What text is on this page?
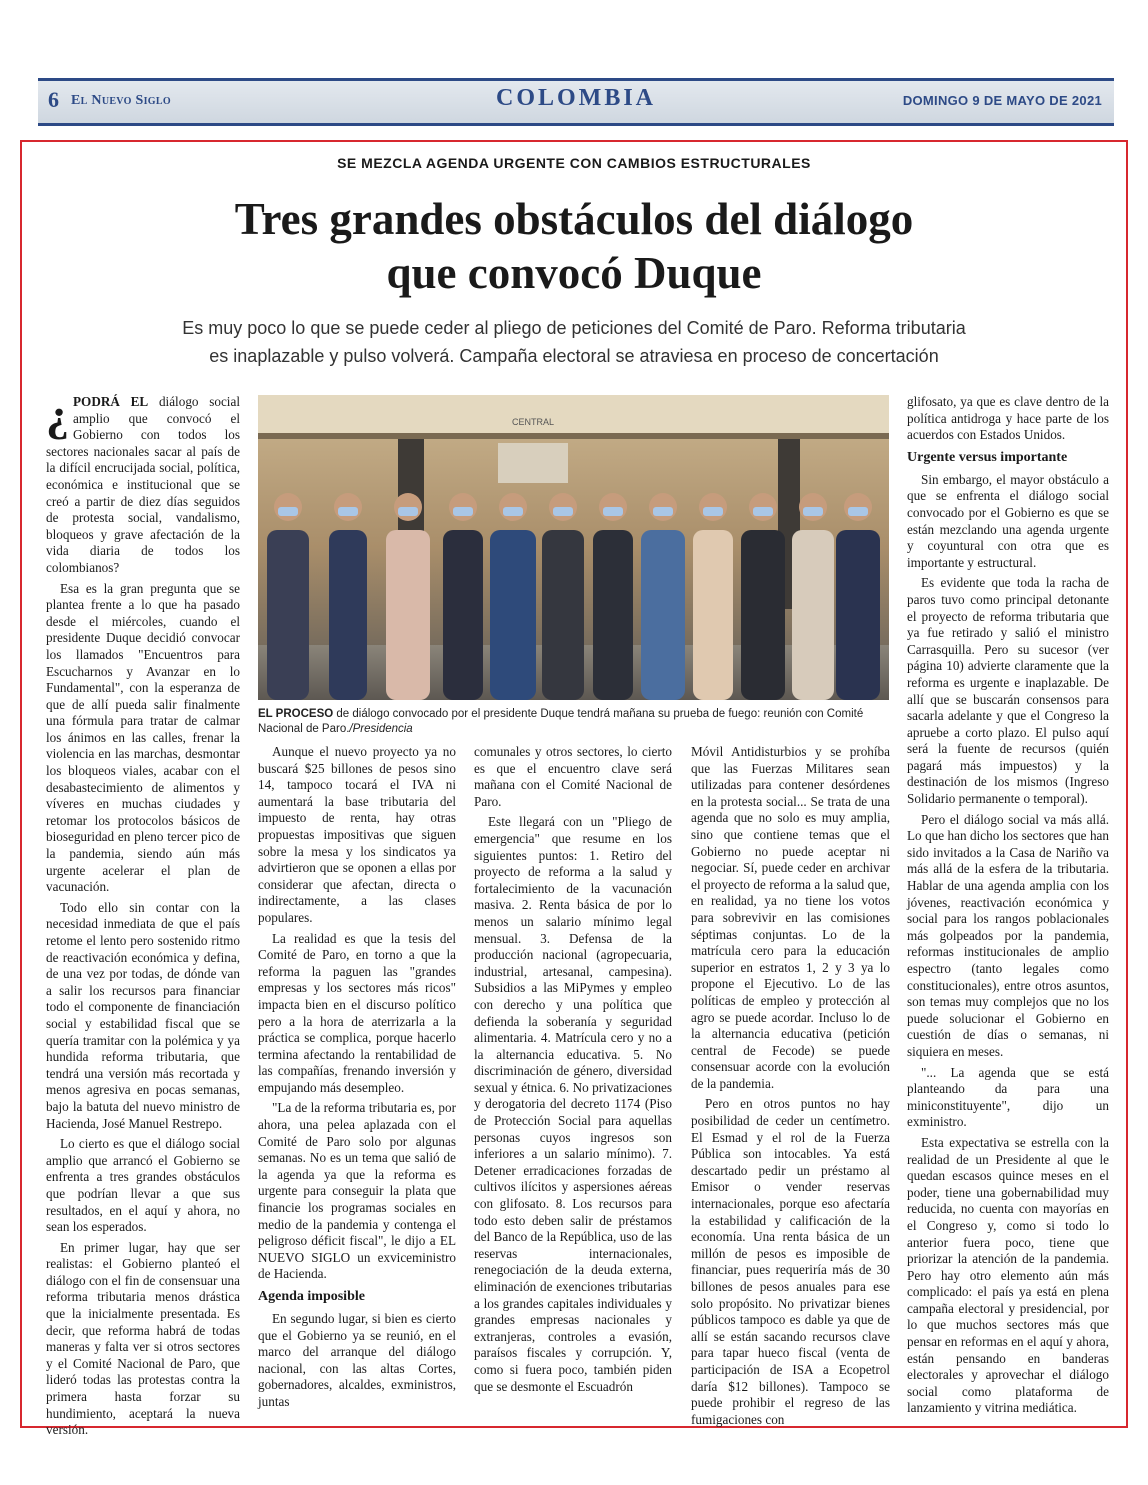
6 El Nuevo Siglo	COLOMBIA	DOMINGO 9 DE MAYO DE 2021
SE MEZCLA AGENDA URGENTE CON CAMBIOS ESTRUCTURALES
Tres grandes obstáculos del diálogo
que convocó Duque
Es muy poco lo que se puede ceder al pliego de peticiones del Comité de Paro. Reforma tributaria
es inaplazable y pulso volverá. Campaña electoral se atraviesa en proceso de concertación

¿ PODRÁ EL diálogo social amplio que convocó el Gobierno con todos los sectores nacionales sacar al país de la difícil encrucijada social, política, económica e institucional que se creó a partir de diez días seguidos de protesta social, vandalismo, bloqueos y grave afectación de la vida diaria de todos los colombianos?

Esa es la gran pregunta que se plantea frente a lo que ha pasado desde el miércoles, cuando el presidente Duque decidió convocar los llamados "Encuentros para Escucharnos y Avanzar en lo Fundamental", con la esperanza de que de allí pueda salir finalmente una fórmula para tratar de calmar los ánimos en las calles, frenar la violencia en las marchas, desmontar los bloqueos viales, acabar con el desabastecimiento de alimentos y víveres en muchas ciudades y retomar los protocolos básicos de bioseguridad en pleno tercer pico de la pandemia, siendo aún más urgente acelerar el plan de vacunación.

Todo ello sin contar con la necesidad inmediata de que el país retome el lento pero sostenido ritmo de reactivación económica y defina, de una vez por todas, de dónde van a salir los recursos para financiar todo el componente de financiación social y estabilidad fiscal que se quería tramitar con la polémica y ya hundida reforma tributaria, que tendrá una versión más recortada y menos agresiva en pocas semanas, bajo la batuta del nuevo ministro de Hacienda, José Manuel Restrepo.

Lo cierto es que el diálogo social amplio que arrancó el Gobierno se enfrenta a tres grandes obstáculos que podrían llevar a que sus resultados, en el aquí y ahora, no sean los esperados.

En primer lugar, hay que ser realistas: el Gobierno planteó el diálogo con el fin de consensuar una reforma tributaria menos drástica que la inicialmente presentada. Es decir, que reforma habrá de todas maneras y falta ver si otros sectores y el Comité Nacional de Paro, que lideró todas las protestas contra la primera hasta forzar su hundimiento, aceptará la nueva versión.

CENTRAL
EL PROCESO de diálogo convocado por el presidente Duque tendrá mañana su prueba de fuego: reunión con Comité Nacional de Paro./Presidencia

Aunque el nuevo proyecto ya no buscará $25 billones de pesos sino 14, tampoco tocará el IVA ni aumentará la base tributaria del impuesto de renta, hay otras propuestas impositivas que siguen sobre la mesa y los sindicatos ya advirtieron que se oponen a ellas por considerar que afectan, directa o indirectamente, a las clases populares.

La realidad es que la tesis del Comité de Paro, en torno a que la reforma la paguen las "grandes empresas y los sectores más ricos" impacta bien en el discurso político pero a la hora de aterrizarla a la práctica se complica, porque hacerlo termina afectando la rentabilidad de las compañías, frenando inversión y empujando más desempleo.

"La de la reforma tributaria es, por ahora, una pelea aplazada con el Comité de Paro solo por algunas semanas. No es un tema que salió de la agenda ya que la reforma es urgente para conseguir la plata que financie los programas sociales en medio de la pandemia y contenga el peligroso déficit fiscal", le dijo a EL NUEVO SIGLO un exviceministro de Hacienda.

Agenda imposible

En segundo lugar, si bien es cierto que el Gobierno ya se reunió, en el marco del arranque del diálogo nacional, con las altas Cortes, gobernadores, alcaldes, exministros, juntas

comunales y otros sectores, lo cierto es que el encuentro clave será mañana con el Comité Nacional de Paro.

Este llegará con un "Pliego de emergencia" que resume en los siguientes puntos: 1. Retiro del proyecto de reforma a la salud y fortalecimiento de la vacunación masiva. 2. Renta básica de por lo menos un salario mínimo legal mensual. 3. Defensa de la producción nacional (agropecuaria, industrial, artesanal, campesina). Subsidios a las MiPymes y empleo con derecho y una política que defienda la soberanía y seguridad alimentaria. 4. Matrícula cero y no a la alternancia educativa. 5. No discriminación de género, diversidad sexual y étnica. 6. No privatizaciones y derogatoria del decreto 1174 (Piso de Protección Social para aquellas personas cuyos ingresos son inferiores a un salario mínimo). 7. Detener erradicaciones forzadas de cultivos ilícitos y aspersiones aéreas con glifosato. 8. Los recursos para todo esto deben salir de préstamos del Banco de la República, uso de las reservas internacionales, renegociación de la deuda externa, eliminación de exenciones tributarias a los grandes capitales individuales y grandes empresas nacionales y extranjeras, controles a evasión, paraísos fiscales y corrupción. Y, como si fuera poco, también piden que se desmonte el Escuadrón

Móvil Antidisturbios y se prohíba que las Fuerzas Militares sean utilizadas para contener desórdenes en la protesta social... Se trata de una agenda que no solo es muy amplia, sino que contiene temas que el Gobierno no puede aceptar ni negociar. Sí, puede ceder en archivar el proyecto de reforma a la salud que, en realidad, ya no tiene los votos para sobrevivir en las comisiones séptimas conjuntas. Lo de la matrícula cero para la educación superior en estratos 1, 2 y 3 ya lo propone el Ejecutivo. Lo de las políticas de empleo y protección al agro se puede acordar. Incluso lo de la alternancia educativa (petición central de Fecode) se puede consensuar acorde con la evolución de la pandemia.

Pero en otros puntos no hay posibilidad de ceder un centímetro. El Esmad y el rol de la Fuerza Pública son intocables. Ya está descartado pedir un préstamo al Emisor o vender reservas internacionales, porque eso afectaría la estabilidad y calificación de la economía. Una renta básica de un millón de pesos es imposible de financiar, pues requeriría más de 30 billones de pesos anuales para ese solo propósito. No privatizar bienes públicos tampoco es dable ya que de allí se están sacando recursos clave para tapar hueco fiscal (venta de participación de ISA a Ecopetrol daría $12 billones). Tampoco se puede prohibir el regreso de las fumigaciones con

glifosato, ya que es clave dentro de la política antidroga y hace parte de los acuerdos con Estados Unidos.

Urgente versus importante

Sin embargo, el mayor obstáculo a que se enfrenta el diálogo social convocado por el Gobierno es que se están mezclando una agenda urgente y coyuntural con otra que es importante y estructural.

Es evidente que toda la racha de paros tuvo como principal detonante el proyecto de reforma tributaria que ya fue retirado y salió el ministro Carrasquilla. Pero su sucesor (ver página 10) advierte claramente que la reforma es urgente e inaplazable. De allí que se buscarán consensos para sacarla adelante y que el Congreso la apruebe a corto plazo. El pulso aquí será la fuente de recursos (quién pagará más impuestos) y la destinación de los mismos (Ingreso Solidario permanente o temporal).

Pero el diálogo social va más allá. Lo que han dicho los sectores que han sido invitados a la Casa de Nariño va más allá de la esfera de la tributaria. Hablar de una agenda amplia con los jóvenes, reactivación económica y social para los rangos poblacionales más golpeados por la pandemia, reformas institucionales de amplio espectro (tanto legales como constitucionales), entre otros asuntos, son temas muy complejos que no los puede solucionar el Gobierno en cuestión de días o semanas, ni siquiera en meses.

"... La agenda que se está planteando da para una miniconstituyente", dijo un exministro.

Esta expectativa se estrella con la realidad de un Presidente al que le quedan escasos quince meses en el poder, tiene una gobernabilidad muy reducida, no cuenta con mayorías en el Congreso y, como si todo lo anterior fuera poco, tiene que priorizar la atención de la pandemia. Pero hay otro elemento aún más complicado: el país ya está en plena campaña electoral y presidencial, por lo que muchos sectores más que pensar en reformas en el aquí y ahora, están pensando en banderas electorales y aprovechar el diálogo social como plataforma de lanzamiento y vitrina mediática.
